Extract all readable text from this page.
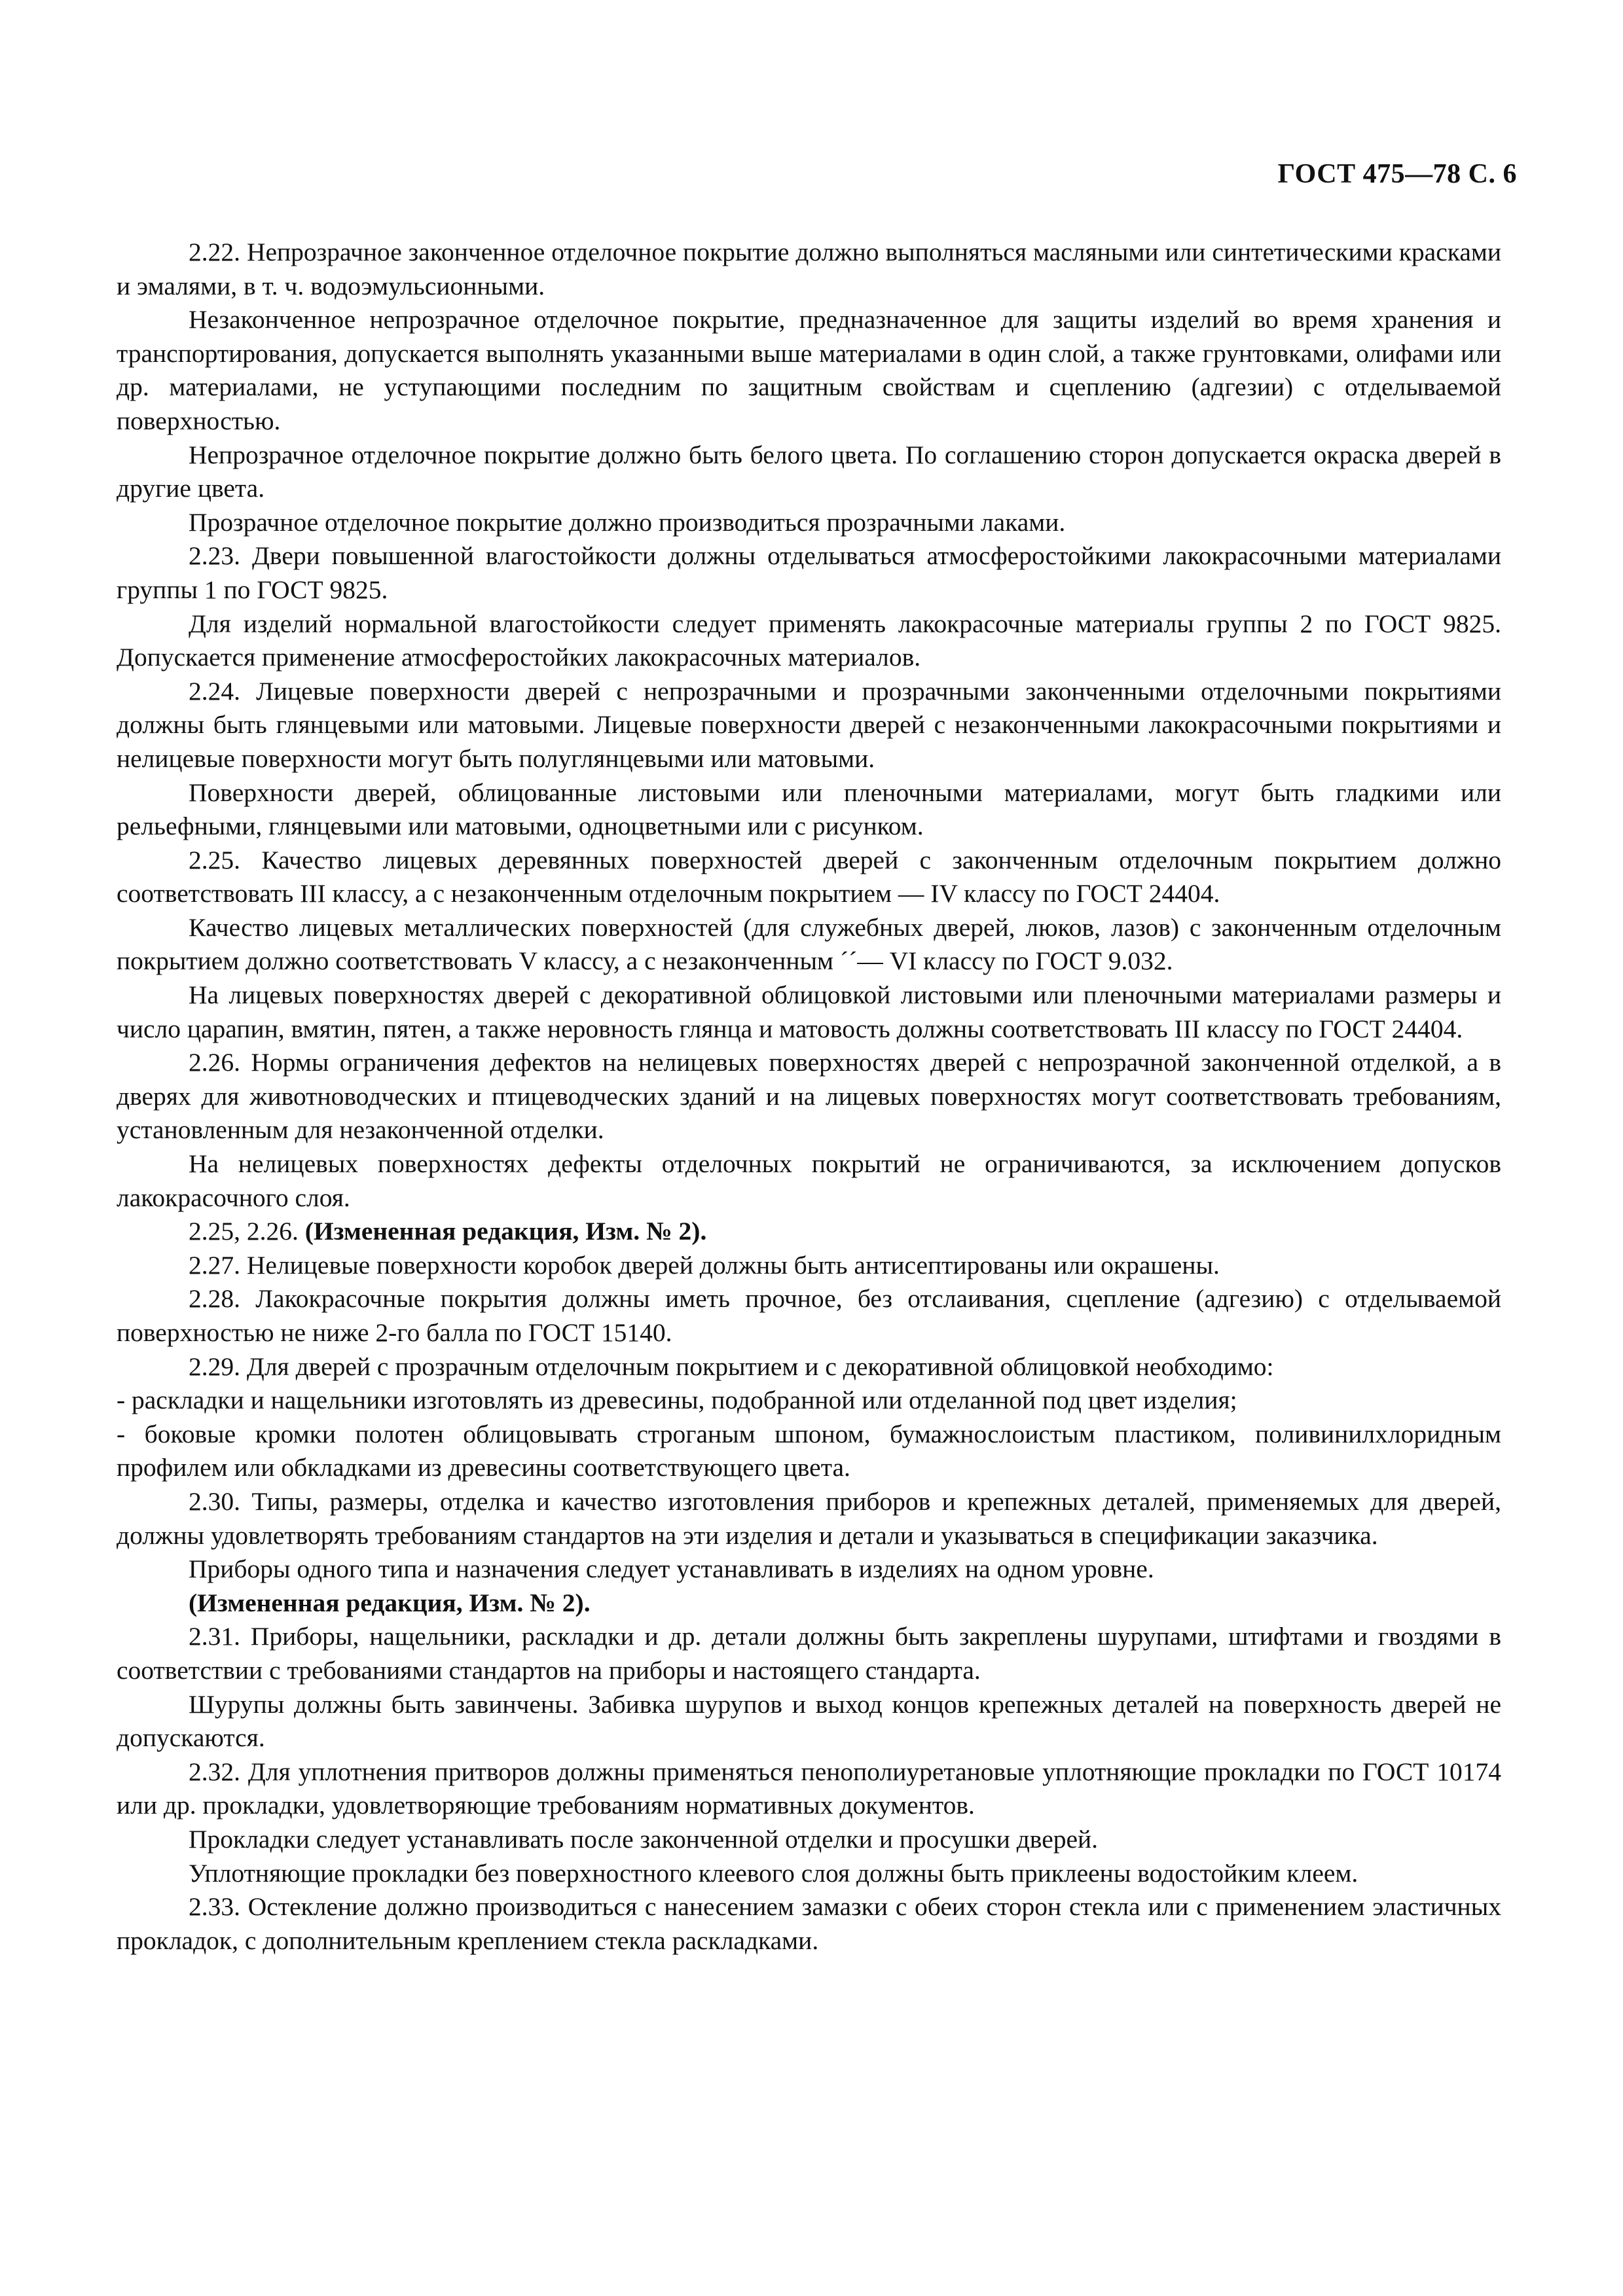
ГОСТ 475—78 С. 6

2.22. Непрозрачное законченное отделочное покрытие должно выполняться масляными или синтетическими красками и эмалями, в т. ч. водоэмульсионными.

Незаконченное непрозрачное отделочное покрытие, предназначенное для защиты изделий во время хранения и транспортирования, допускается выполнять указанными выше материалами в один слой, а также грунтовками, олифами или др. материалами, не уступающими последним по защитным свойствам и сцеплению (адгезии) с отделываемой поверхностью.

Непрозрачное отделочное покрытие должно быть белого цвета. По соглашению сторон допускается окраска дверей в другие цвета.

Прозрачное отделочное покрытие должно производиться прозрачными лаками.

2.23. Двери повышенной влагостойкости должны отделываться атмосферостойкими лакокрасочными материалами группы 1 по ГОСТ 9825.

Для изделий нормальной влагостойкости следует применять лакокрасочные материалы группы 2 по ГОСТ 9825. Допускается применение атмосферостойких лакокрасочных материалов.

2.24. Лицевые поверхности дверей с непрозрачными и прозрачными законченными отделочными покрытиями должны быть глянцевыми или матовыми. Лицевые поверхности дверей с незаконченными лакокрасочными покрытиями и нелицевые поверхности могут быть полуглянцевыми или матовыми.

Поверхности дверей, облицованные листовыми или пленочными материалами, могут быть гладкими или рельефными, глянцевыми или матовыми, одноцветными или с рисунком.

2.25. Качество лицевых деревянных поверхностей дверей с законченным отделочным покрытием должно соответствовать III классу, а с незаконченным отделочным покрытием — IV классу по ГОСТ 24404.

Качество лицевых металлических поверхностей (для служебных дверей, люков, лазов) с законченным отделочным покрытием должно соответствовать V классу, а с незаконченным ˊˊ— VI классу по ГОСТ 9.032.

На лицевых поверхностях дверей с декоративной облицовкой листовыми или пленочными материалами размеры и число царапин, вмятин, пятен, а также неровность глянца и матовость должны соответствовать III классу по ГОСТ 24404.

2.26. Нормы ограничения дефектов на нелицевых поверхностях дверей с непрозрачной законченной отделкой, а в дверях для животноводческих и птицеводческих зданий и на лицевых поверхностях могут соответствовать требованиям, установленным для незаконченной отделки.

На нелицевых поверхностях дефекты отделочных покрытий не ограничиваются, за исключением допусков лакокрасочного слоя.

2.25, 2.26. (Измененная редакция, Изм. № 2).

2.27. Нелицевые поверхности коробок дверей должны быть антисептированы или окрашены.

2.28. Лакокрасочные покрытия должны иметь прочное, без отслаивания, сцепление (адгезию) с отделываемой поверхностью не ниже 2-го балла по ГОСТ 15140.

2.29. Для дверей с прозрачным отделочным покрытием и с декоративной облицовкой необходимо:

- раскладки и нащельники изготовлять из древесины, подобранной или отделанной под цвет изделия;

- боковые кромки полотен облицовывать строганым шпоном, бумажнослоистым пластиком, поливинилхлоридным профилем или обкладками из древесины соответствующего цвета.

2.30. Типы, размеры, отделка и качество изготовления приборов и крепежных деталей, применяемых для дверей, должны удовлетворять требованиям стандартов на эти изделия и детали и указываться в спецификации заказчика.

Приборы одного типа и назначения следует устанавливать в изделиях на одном уровне.

(Измененная редакция, Изм. № 2).

2.31. Приборы, нащельники, раскладки и др. детали должны быть закреплены шурупами, штифтами и гвоздями в соответствии с требованиями стандартов на приборы и настоящего стандарта.

Шурупы должны быть завинчены. Забивка шурупов и выход концов крепежных деталей на поверхность дверей не допускаются.

2.32. Для уплотнения притворов должны применяться пенополиуретановые уплотняющие прокладки по ГОСТ 10174 или др. прокладки, удовлетворяющие требованиям нормативных документов.

Прокладки следует устанавливать после законченной отделки и просушки дверей.

Уплотняющие прокладки без поверхностного клеевого слоя должны быть приклеены водостойким клеем.

2.33. Остекление должно производиться с нанесением замазки с обеих сторон стекла или с применением эластичных прокладок, с дополнительным креплением стекла раскладками.
